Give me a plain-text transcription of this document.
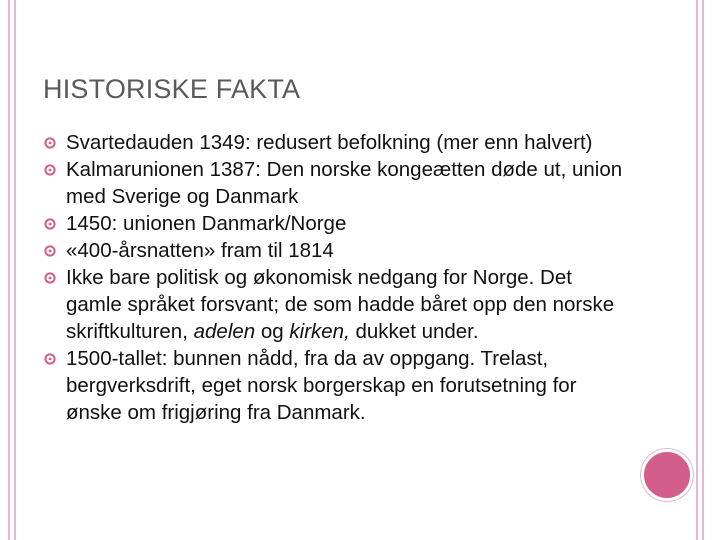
HISTORISKE FAKTA
Svartedauden 1349: redusert befolkning (mer enn halvert)
Kalmarunionen 1387: Den norske kongeætten døde ut, union med Sverige og Danmark
1450: unionen Danmark/Norge
«400-årsnatten» fram til 1814
Ikke bare politisk og økonomisk nedgang for Norge. Det gamle språket forsvant; de som hadde båret opp den norske skriftkulturen, adelen og kirken, dukket under.
1500-tallet: bunnen nådd, fra da av oppgang. Trelast, bergverksdrift, eget norsk borgerskap en forutsetning for ønske om frigjøring fra Danmark.
